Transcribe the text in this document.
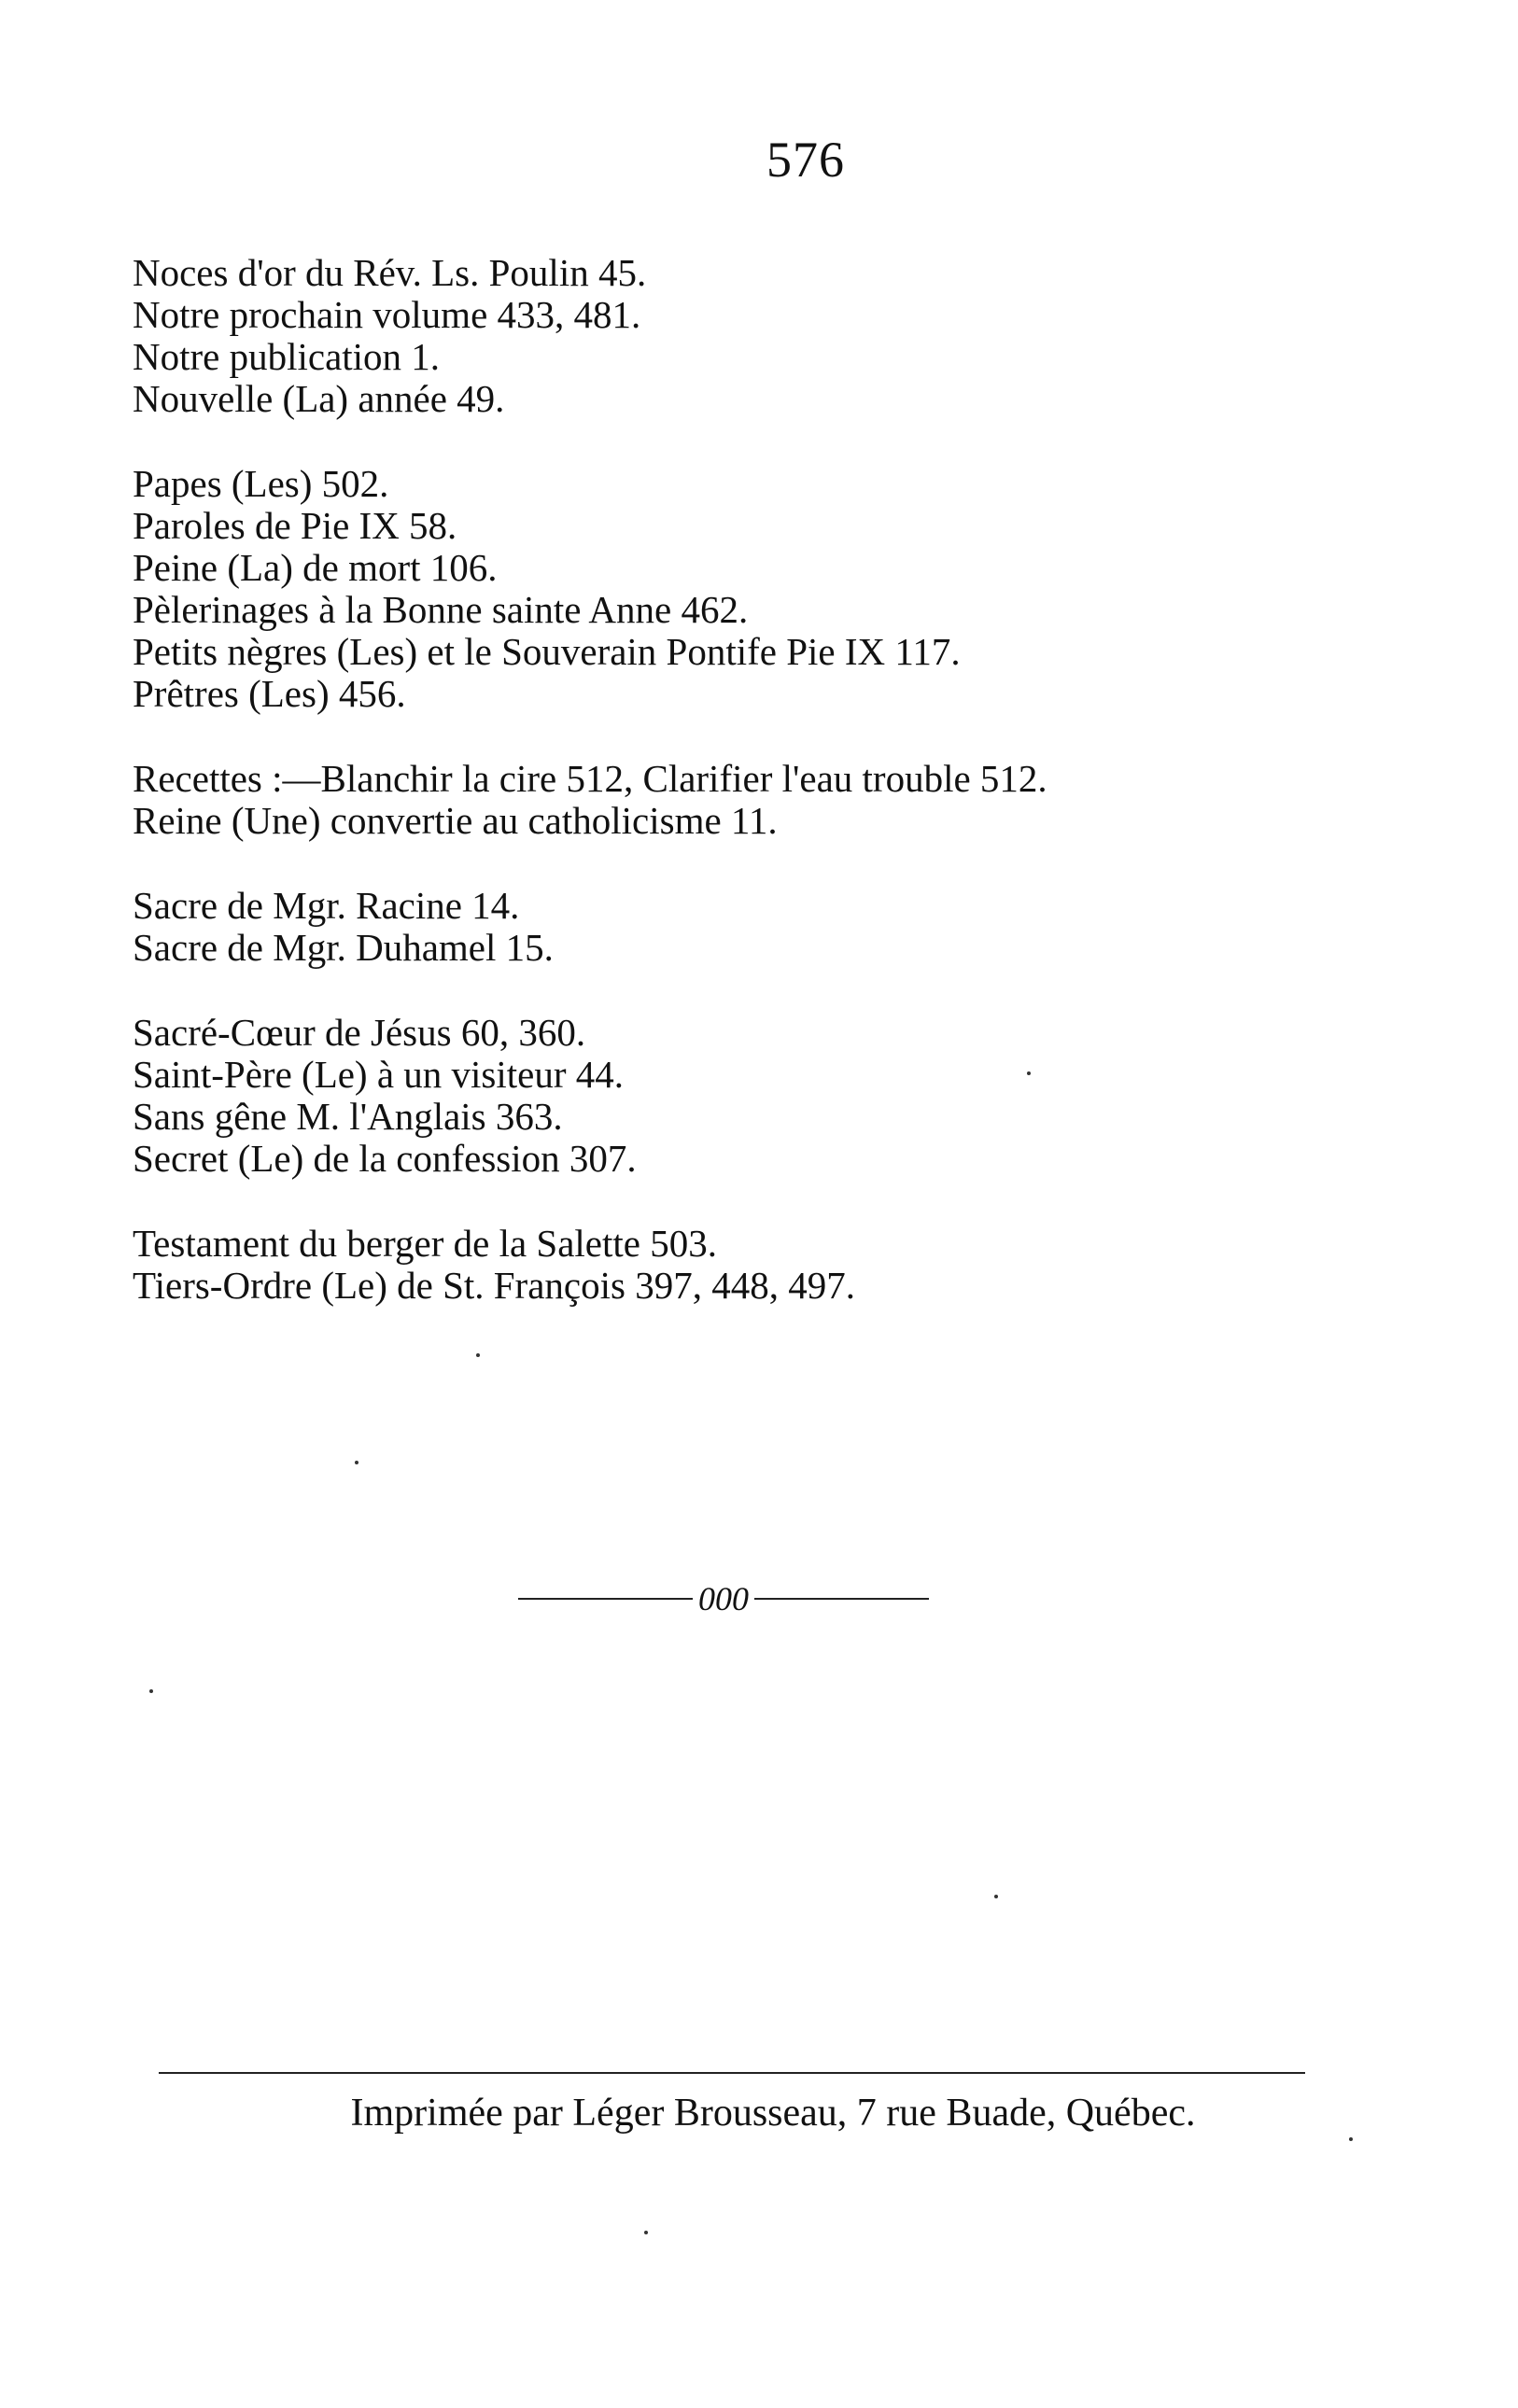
576
Noces d'or du Rév. Ls. Poulin 45.
Notre prochain volume 433, 481.
Notre publication 1.
Nouvelle (La) année 49.
Papes (Les) 502.
Paroles de Pie IX 58.
Peine (La) de mort 106.
Pèlerinages à la Bonne sainte Anne 462.
Petits nègres (Les) et le Souverain Pontife Pie IX 117.
Prêtres (Les) 456.
Recettes :—Blanchir la cire 512, Clarifier l'eau trouble 512.
Reine (Une) convertie au catholicisme 11.
Sacre de Mgr. Racine 14.
Sacre de Mgr. Duhamel 15.
Sacré-Cœur de Jésus 60, 360.
Saint-Père (Le) à un visiteur 44.
Sans gêne M. l'Anglais 363.
Secret (Le) de la confession 307.
Testament du berger de la Salette 503.
Tiers-Ordre (Le) de St. François 397, 448, 497.
000
Imprimée par Léger Brousseau, 7 rue Buade, Québec.
